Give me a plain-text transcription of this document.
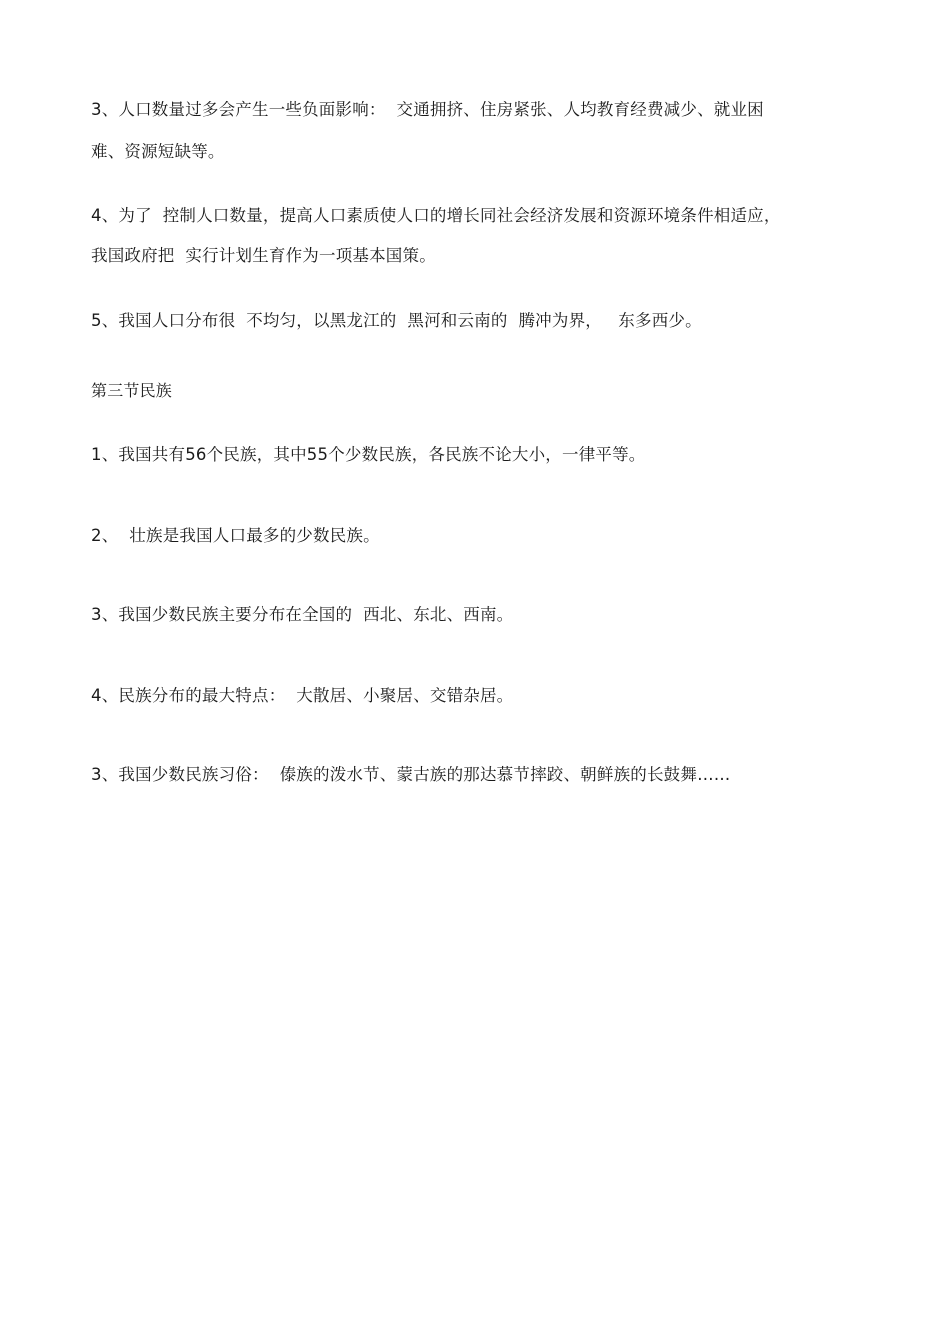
3、人口数量过多会产生一些负面影响：  交通拥挤、住房紧张、人均教育经费减少、就业困

难、资源短缺等。

4、为了  控制人口数量，提高人口素质使人口的增长同社会经济发展和资源环境条件相适应，

我国政府把  实行计划生育作为一项基本国策。

5、我国人口分布很  不均匀，以黑龙江的  黑河和云南的  腾冲为界，   东多西少。

第三节民族

1、我国共有56个民族，其中55个少数民族，各民族不论大小，一律平等。

2、  壮族是我国人口最多的少数民族。

3、我国少数民族主要分布在全国的  西北、东北、西南。

4、民族分布的最大特点：  大散居、小聚居、交错杂居。

3、我国少数民族习俗：  傣族的泼水节、蒙古族的那达慕节摔跤、朝鲜族的长鼓舞……
